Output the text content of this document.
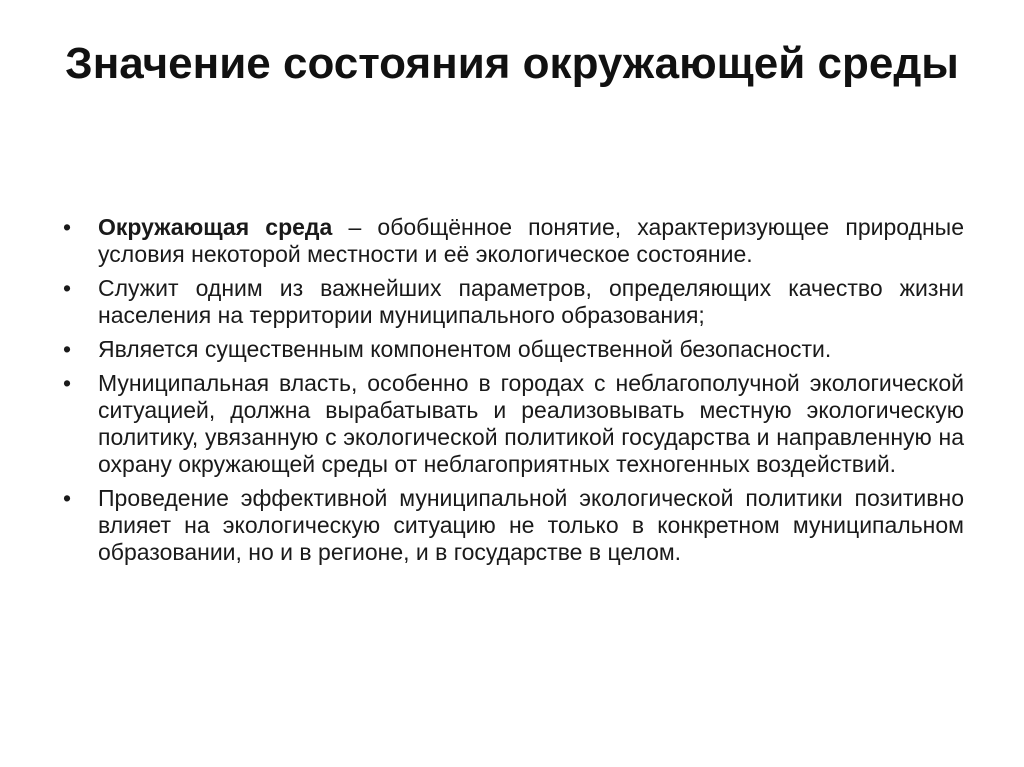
Значение состояния окружающей среды
• Окружающая среда – обобщённое понятие, характеризующее природные условия некоторой местности и её экологическое состояние.
• Служит одним из важнейших параметров, определяющих качество жизни населения на территории муниципального образования;
• Является существенным компонентом общественной безопасности.
• Муниципальная власть, особенно в городах с неблагополучной экологической ситуацией, должна вырабатывать и реализовывать местную экологическую политику, увязанную с экологической политикой государства и направленную на охрану окружающей среды от неблагоприятных техногенных воздействий.
• Проведение эффективной муниципальной экологической политики позитивно влияет на экологическую ситуацию не только в конкретном муниципальном образовании, но и в регионе, и в государстве в целом.
